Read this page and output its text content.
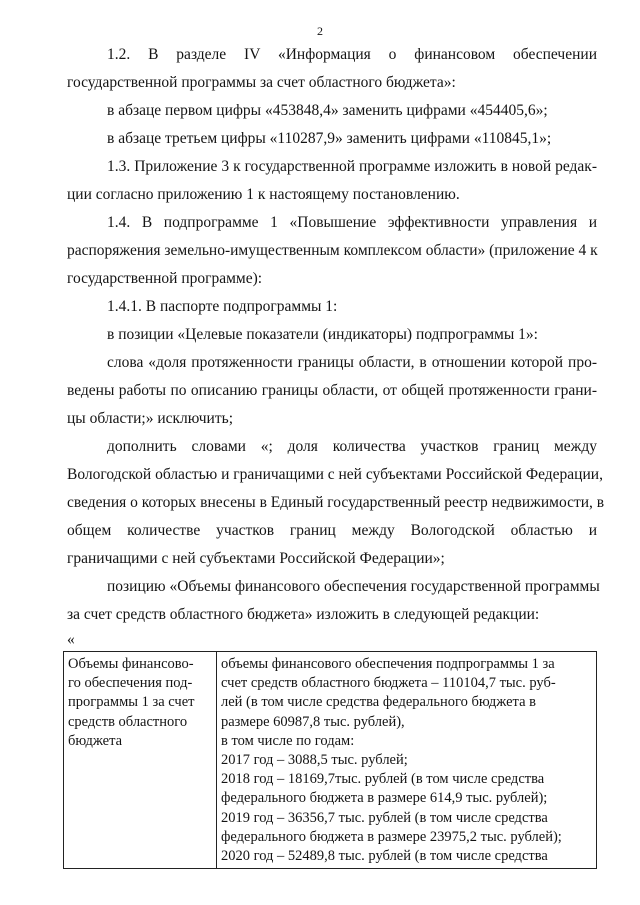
2
1.2. В разделе IV «Информация о финансовом обеспечении
государственной программы за счет областного бюджета»:
в абзаце первом цифры «453848,4» заменить цифрами «454405,6»;
в абзаце третьем цифры «110287,9» заменить цифрами «110845,1»;
1.3. Приложение 3 к государственной программе изложить в новой редак-
ции согласно приложению 1 к настоящему постановлению.
1.4. В подпрограмме 1 «Повышение эффективности управления и
распоряжения земельно-имущественным комплексом области» (приложение 4 к
государственной программе):
1.4.1. В паспорте подпрограммы 1:
в позиции «Целевые показатели (индикаторы) подпрограммы 1»:
слова «доля протяженности границы области, в отношении которой про-
ведены работы по описанию границы области, от общей протяженности грани-
цы области;» исключить;
дополнить словами «; доля количества участков границ между
Вологодской областью и граничащими с ней субъектами Российской Федерации,
сведения о которых внесены в Единый государственный реестр недвижимости, в
общем количестве участков границ между Вологодской областью и
граничащими с ней субъектами Российской Федерации»;
позицию «Объемы финансового обеспечения государственной программы
за счет средств областного бюджета» изложить в следующей редакции:
«
Объемы финансово-
го обеспечения под-
программы 1 за счет
средств областного
бюджета

объемы финансового обеспечения подпрограммы 1 за
счет средств областного бюджета – 110104,7 тыс. руб-
лей (в том числе средства федерального бюджета в
размере 60987,8 тыс. рублей),
в том числе по годам:
2017 год – 3088,5 тыс. рублей;
2018 год – 18169,7тыс. рублей (в том числе средства
федерального бюджета в размере 614,9 тыс. рублей);
2019 год – 36356,7 тыс. рублей (в том числе средства
федерального бюджета в размере 23975,2 тыс. рублей);
2020 год – 52489,8 тыс. рублей (в том числе средства
